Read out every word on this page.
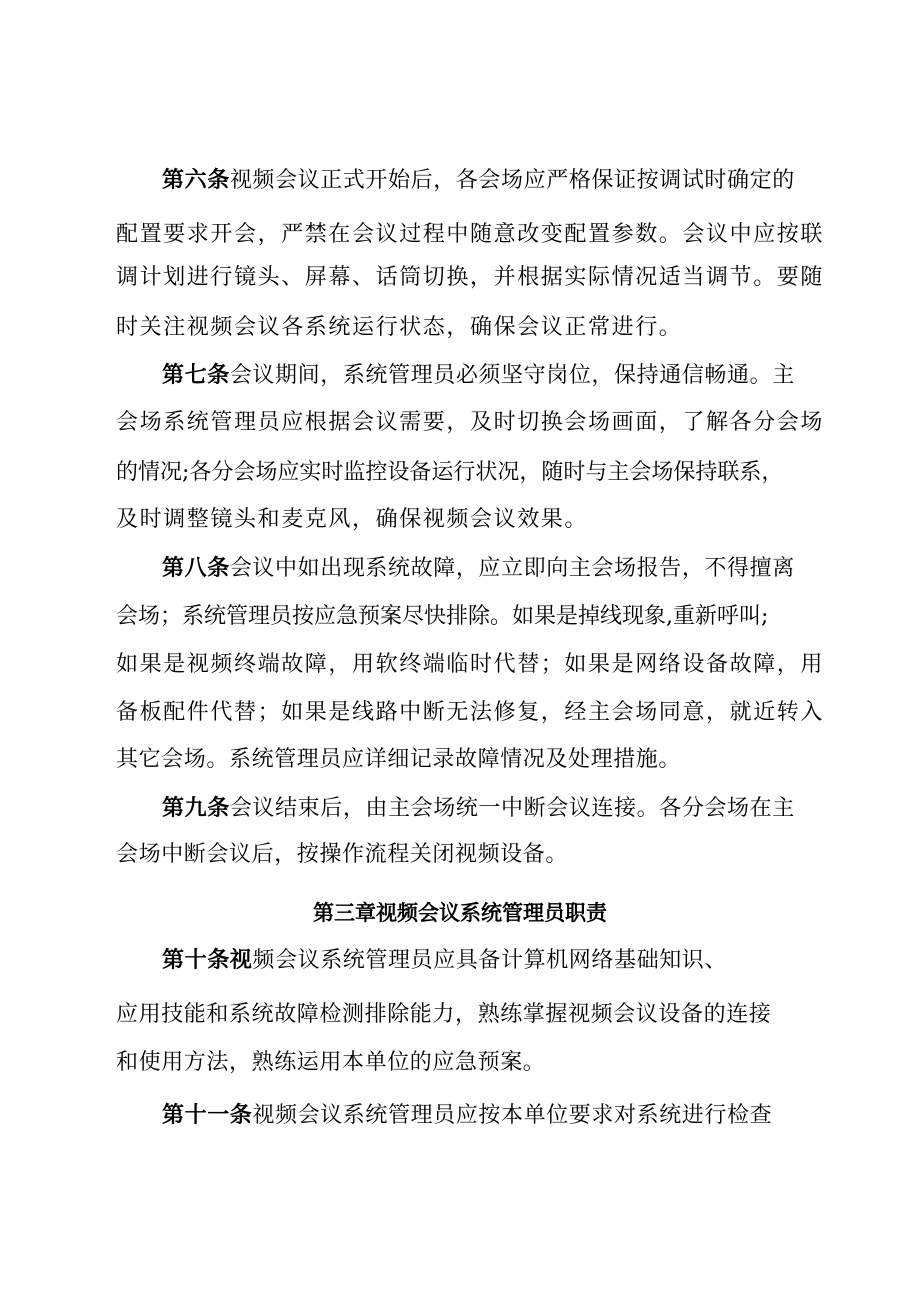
第六条视频会议正式开始后，各会场应严格保证按调试时确定的
配置要求开会，严禁在会议过程中随意改变配置参数。会议中应按联
调计划进行镜头、屏幕、话筒切换，并根据实际情况适当调节。要随
时关注视频会议各系统运行状态，确保会议正常进行。
第七条会议期间，系统管理员必须坚守岗位，保持通信畅通。主
会场系统管理员应根据会议需要，及时切换会场画面，了解各分会场
的情况;各分会场应实时监控设备运行状况，随时与主会场保持联系，
及时调整镜头和麦克风，确保视频会议效果。
第八条会议中如出现系统故障，应立即向主会场报告，不得擅离
会场；系统管理员按应急预案尽快排除。如果是掉线现象,重新呼叫;
如果是视频终端故障，用软终端临时代替；如果是网络设备故障，用
备板配件代替；如果是线路中断无法修复，经主会场同意，就近转入
其它会场。系统管理员应详细记录故障情况及处理措施。
第九条会议结束后，由主会场统一中断会议连接。各分会场在主
会场中断会议后，按操作流程关闭视频设备。
第三章视频会议系统管理员职责
第十条视频会议系统管理员应具备计算机网络基础知识、
应用技能和系统故障检测排除能力，熟练掌握视频会议设备的连接
和使用方法，熟练运用本单位的应急预案。
第十一条视频会议系统管理员应按本单位要求对系统进行检查
